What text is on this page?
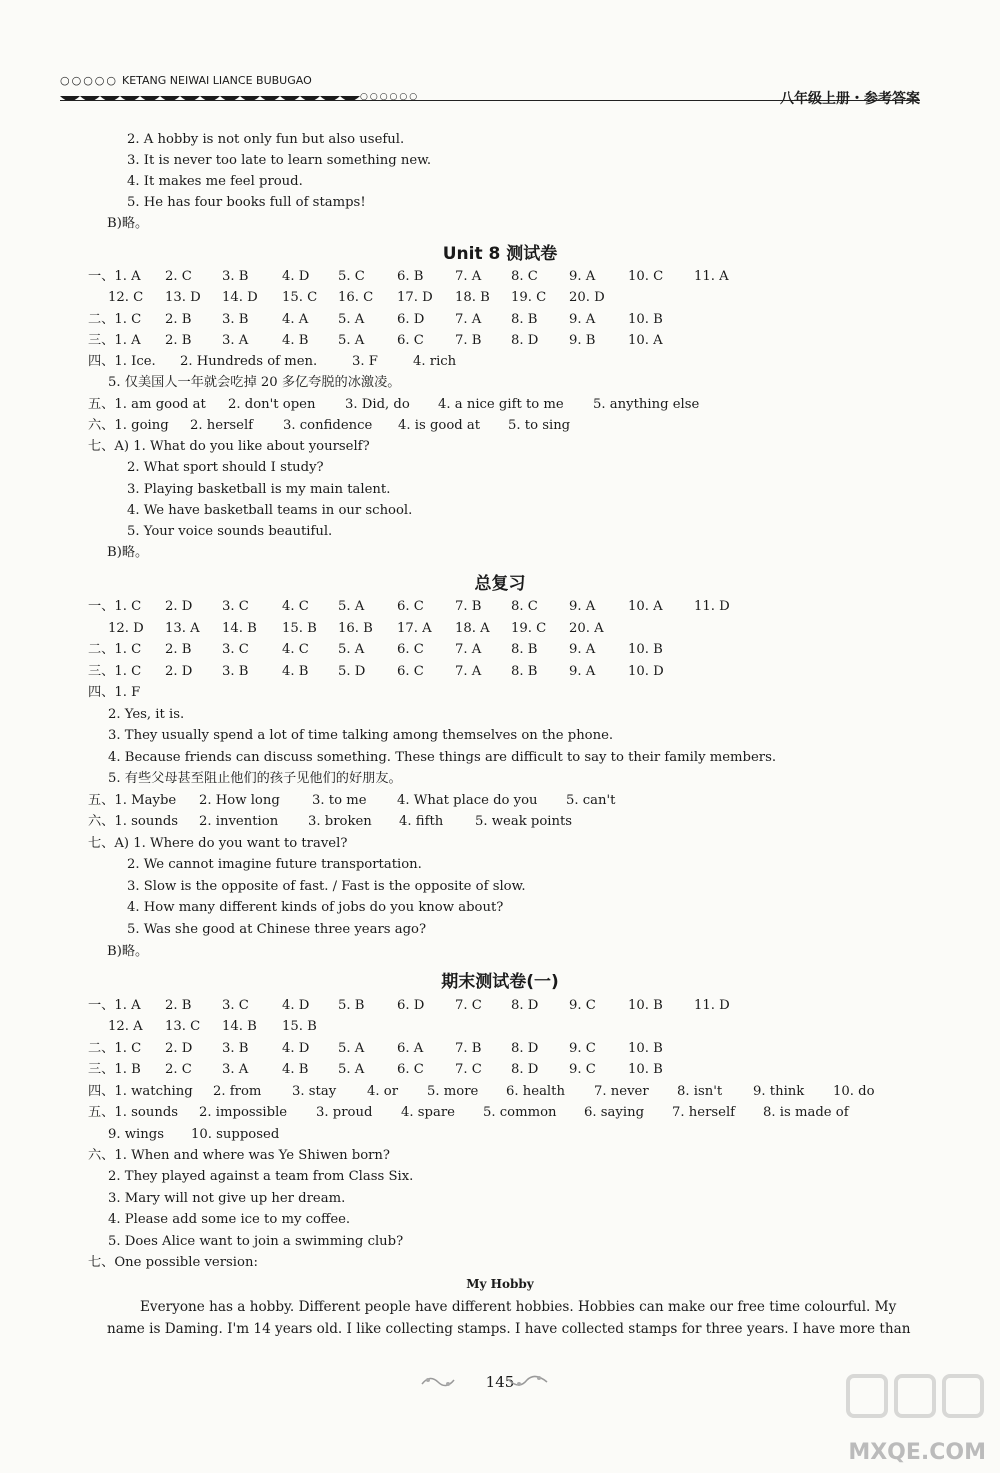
○○○○○ KETANG NEIWAI LIANCE BUBUGAO
○○○○○○	八年级上册・参考答案
2. A hobby is not only fun but also useful.
3. It is never too late to learn something new.
4. It makes me feel proud.
5. He has four books full of stamps!
B)略。
Unit 8 测试卷
一、1. A 2. C 3. B	4. D 5. C 6. B 7. A 8. C 9. A 10. C 11. A
12. C 13. D 14. D 15. C 16. C 17. D 18. B 19. C 20. D
二、1. C 2. B 3. B	4. A 5. A 6. D 7. A 8. B 9. A 10. B
三、1. A 2. B 3. A	4. B 5. A 6. C 7. B 8. D 9. B 10. A
四、1. Ice. 2. Hundreds of men.	3. F	4. rich
5. 仅美国人一年就会吃掉 20 多亿夸脱的冰激凌。
五、1. am good at 2. don't open 3. Did, do 4. a nice gift to me 5. anything else
六、1. going 2. herself 3. confidence 4. is good at 5. to sing
七、A) 1. What do you like about yourself?
2. What sport should I study?
3. Playing basketball is my main talent.
4. We have basketball teams in our school.
5. Your voice sounds beautiful.
B)略。
总复习
一、1. C 2. D 3. C	4. C 5. A 6. C 7. B 8. C 9. A 10. A 11. D
12. D 13. A 14. B 15. B 16. B 17. A 18. A 19. C 20. A
二、1. C 2. B 3. C	4. C 5. A 6. C 7. A 8. B 9. A 10. B
三、1. C 2. D 3. B	4. B 5. D 6. C 7. A 8. B 9. A 10. D
四、1. F
2. Yes, it is.
3. They usually spend a lot of time talking among themselves on the phone.
4. Because friends can discuss something. These things are difficult to say to their family members.
5. 有些父母甚至阻止他们的孩子见他们的好朋友。
五、1. Maybe 2. How long 3. to me 4. What place do you 5. can't
六、1. sounds 2. invention 3. broken 4. fifth 5. weak points
七、A) 1. Where do you want to travel?
2. We cannot imagine future transportation.
3. Slow is the opposite of fast. / Fast is the opposite of slow.
4. How many different kinds of jobs do you know about?
5. Was she good at Chinese three years ago?
B)略。
期末测试卷(一)
一、1. A 2. B 3. C	4. D 5. B 6. D 7. C 8. D 9. C 10. B 11. D
12. A 13. C 14. B 15. B
二、1. C 2. D 3. B	4. D 5. A 6. A 7. B 8. D 9. C 10. B
三、1. B 2. C 3. A	4. B 5. A 6. C 7. C 8. D 9. C 10. B
四、1. watching 2. from 3. stay 4. or 5. more 6. health 7. never 8. isn't 9. think 10. do
五、1. sounds 2. impossible 3. proud 4. spare 5. common 6. saying 7. herself 8. is made of
9. wings 10. supposed
六、1. When and where was Ye Shiwen born?
2. They played against a team from Class Six.
3. Mary will not give up her dream.
4. Please add some ice to my coffee.
5. Does Alice want to join a swimming club?
七、One possible version:
My Hobby
Everyone has a hobby. Different people have different hobbies. Hobbies can make our free time colourful. My
name is Daming. I'm 14 years old. I like collecting stamps. I have collected stamps for three years. I have more than
145
MXQE.COM
